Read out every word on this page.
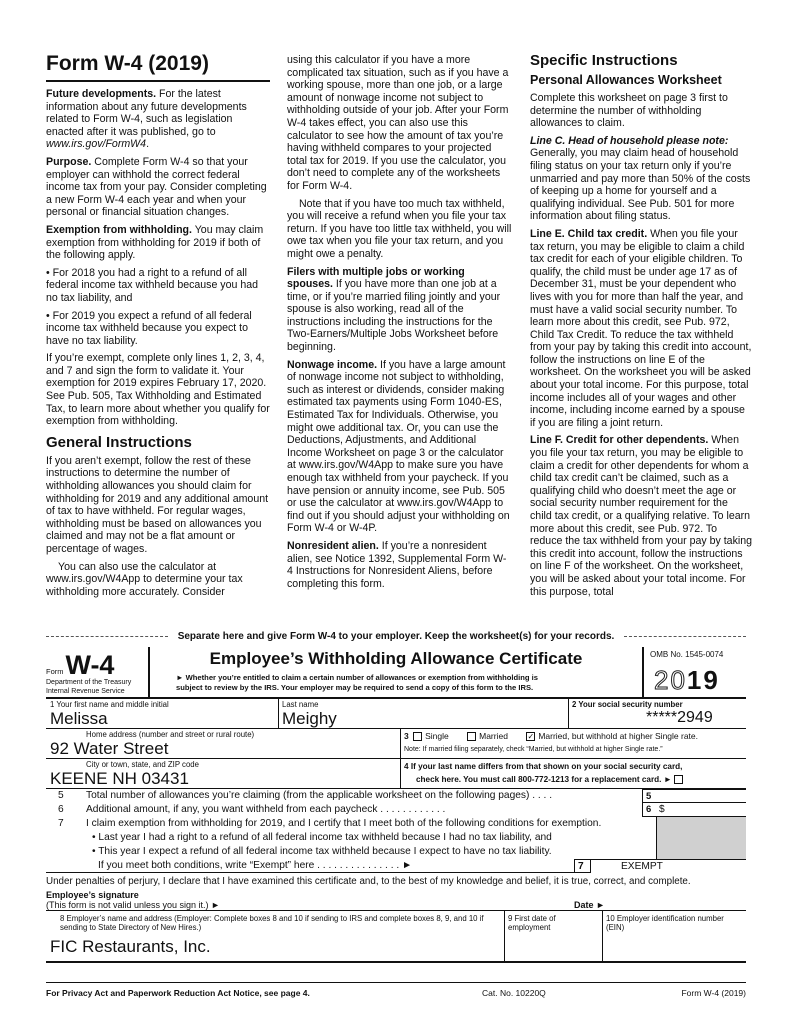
Form W-4 (2019)

Future developments. For the latest information about any future developments related to Form W-4, such as legislation enacted after it was published, go to www.irs.gov/FormW4.

Purpose. Complete Form W-4 so that your employer can withhold the correct federal income tax from your pay. Consider completing a new Form W-4 each year and when your personal or financial situation changes.

Exemption from withholding. You may claim exemption from withholding for 2019 if both of the following apply.

• For 2018 you had a right to a refund of all federal income tax withheld because you had no tax liability, and

• For 2019 you expect a refund of all federal income tax withheld because you expect to have no tax liability.

If you’re exempt, complete only lines 1, 2, 3, 4, and 7 and sign the form to validate it. Your exemption for 2019 expires February 17, 2020. See Pub. 505, Tax Withholding and Estimated Tax, to learn more about whether you qualify for exemption from withholding.

General Instructions

If you aren’t exempt, follow the rest of these instructions to determine the number of withholding allowances you should claim for withholding for 2019 and any additional amount of tax to have withheld. For regular wages, withholding must be based on allowances you claimed and may not be a flat amount or percentage of wages.

You can also use the calculator at www.irs.gov/W4App to determine your tax withholding more accurately. Consider

using this calculator if you have a more complicated tax situation, such as if you have a working spouse, more than one job, or a large amount of nonwage income not subject to withholding outside of your job. After your Form W-4 takes effect, you can also use this calculator to see how the amount of tax you’re having withheld compares to your projected total tax for 2019. If you use the calculator, you don’t need to complete any of the worksheets for Form W-4.

Note that if you have too much tax withheld, you will receive a refund when you file your tax return. If you have too little tax withheld, you will owe tax when you file your tax return, and you might owe a penalty.

Filers with multiple jobs or working spouses. If you have more than one job at a time, or if you’re married filing jointly and your spouse is also working, read all of the instructions including the instructions for the Two-Earners/Multiple Jobs Worksheet before beginning.

Nonwage income. If you have a large amount of nonwage income not subject to withholding, such as interest or dividends, consider making estimated tax payments using Form 1040-ES, Estimated Tax for Individuals. Otherwise, you might owe additional tax. Or, you can use the Deductions, Adjustments, and Additional Income Worksheet on page 3 or the calculator at www.irs.gov/W4App to make sure you have enough tax withheld from your paycheck. If you have pension or annuity income, see Pub. 505 or use the calculator at www.irs.gov/W4App to find out if you should adjust your withholding on Form W-4 or W-4P.

Nonresident alien. If you’re a nonresident alien, see Notice 1392, Supplemental Form W-4 Instructions for Nonresident Aliens, before completing this form.

Specific Instructions
Personal Allowances Worksheet

Complete this worksheet on page 3 first to determine the number of withholding allowances to claim.

Line C. Head of household please note: Generally, you may claim head of household filing status on your tax return only if you’re unmarried and pay more than 50% of the costs of keeping up a home for yourself and a qualifying individual. See Pub. 501 for more information about filing status.

Line E. Child tax credit. When you file your tax return, you may be eligible to claim a child tax credit for each of your eligible children. To qualify, the child must be under age 17 as of December 31, must be your dependent who lives with you for more than half the year, and must have a valid social security number. To learn more about this credit, see Pub. 972, Child Tax Credit. To reduce the tax withheld from your pay by taking this credit into account, follow the instructions on line E of the worksheet. On the worksheet you will be asked about your total income. For this purpose, total income includes all of your wages and other income, including income earned by a spouse if you are filing a joint return.

Line F. Credit for other dependents. When you file your tax return, you may be eligible to claim a credit for other dependents for whom a child tax credit can’t be claimed, such as a qualifying child who doesn’t meet the age or social security number requirement for the child tax credit, or a qualifying relative. To learn more about this credit, see Pub. 972. To reduce the tax withheld from your pay by taking this credit into account, follow the instructions on line F of the worksheet. On the worksheet, you will be asked about your total income. For this purpose, total

Separate here and give Form W-4 to your employer. Keep the worksheet(s) for your records.
FormW-4
Department of the Treasury
Internal Revenue Service
Employee’s Withholding Allowance Certificate
► Whether you’re entitled to claim a certain number of allowances or exemption from withholding is
subject to review by the IRS. Your employer may be required to send a copy of this form to the IRS.
OMB No. 1545-0074
2019
1 Your first name and middle initial
Melissa
Last name
Meighy
2 Your social security number
*****2949
Home address (number and street or rural route)
92 Water Street
3 Single	Married ✓ Married, but withhold at higher Single rate.
Note: If married filing separately, check “Married, but withhold at higher Single rate.”
City or town, state, and ZIP code
KEENE NH 03431
4 If your last name differs from that shown on your social security card,
check here. You must call 800-772-1213 for a replacement card. ►
5 Total number of allowances you’re claiming (from the applicable worksheet on the following pages) . . . .	5
6 Additional amount, if any, you want withheld from each paycheck . . . . . . . . . . . .	6 $
7 I claim exemption from withholding for 2019, and I certify that I meet both of the following conditions for exemption.
• Last year I had a right to a refund of all federal income tax withheld because I had no tax liability, and
• This year I expect a refund of all federal income tax withheld because I expect to have no tax liability.
If you meet both conditions, write “Exempt” here . . . . . . . . . . . . . . . ►	7	EXEMPT
Under penalties of perjury, I declare that I have examined this certificate and, to the best of my knowledge and belief, it is true, correct, and complete.
Employee’s signature
(This form is not valid unless you sign it.) ►	Date ►
8 Employer’s name and address (Employer: Complete boxes 8 and 10 if sending to IRS and complete boxes 8, 9, and 10 if sending to State Directory of New Hires.)
FIC Restaurants, Inc.
9 First date of employment
10 Employer identification number (EIN)
For Privacy Act and Paperwork Reduction Act Notice, see page 4.	Cat. No. 10220Q	Form W-4 (2019)
